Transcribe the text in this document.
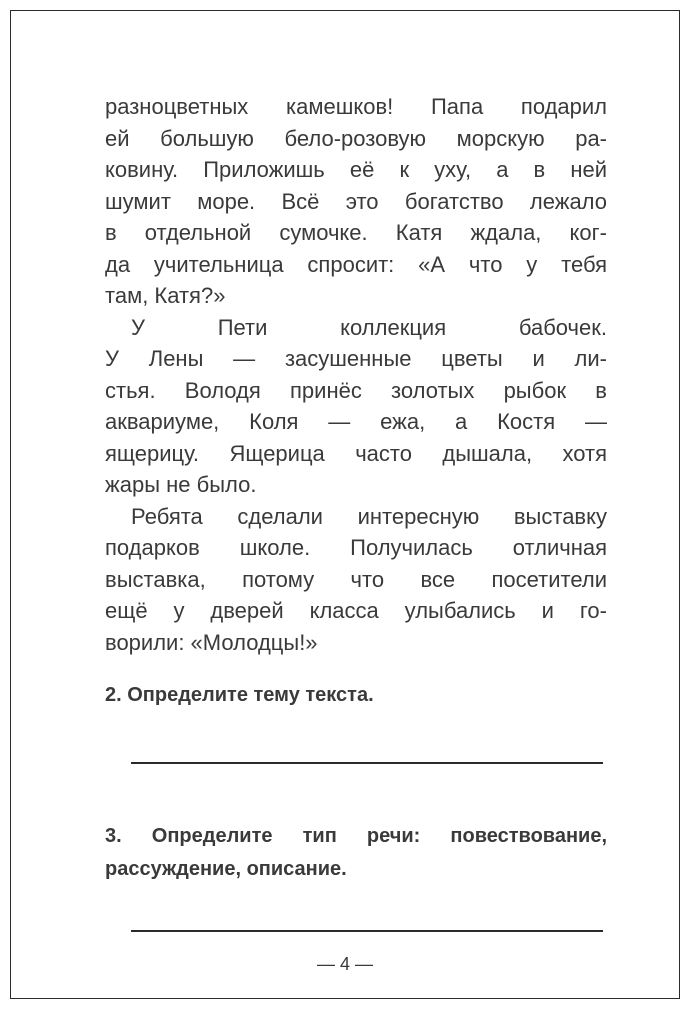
разноцветных камешков! Папа подарил
ей большую бело-розовую морскую ра-
ковину. Приложишь её к уху, а в ней
шумит море. Всё это богатство лежало
в отдельной сумочке. Катя ждала, ког-
да учительница спросит: «А что у тебя
там, Катя?»
У Пети коллекция бабочек.
У Лены — засушенные цветы и ли-
стья. Володя принёс золотых рыбок в
аквариуме, Коля — ежа, а Костя —
ящерицу. Ящерица часто дышала, хотя
жары не было.
Ребята сделали интересную выставку
подарков школе. Получилась отличная
выставка, потому что все посетители
ещё у дверей класса улыбались и го-
ворили: «Молодцы!»
2. Определите тему текста.
3. Определите тип речи: повествование,
рассуждение, описание.
— 4 —
